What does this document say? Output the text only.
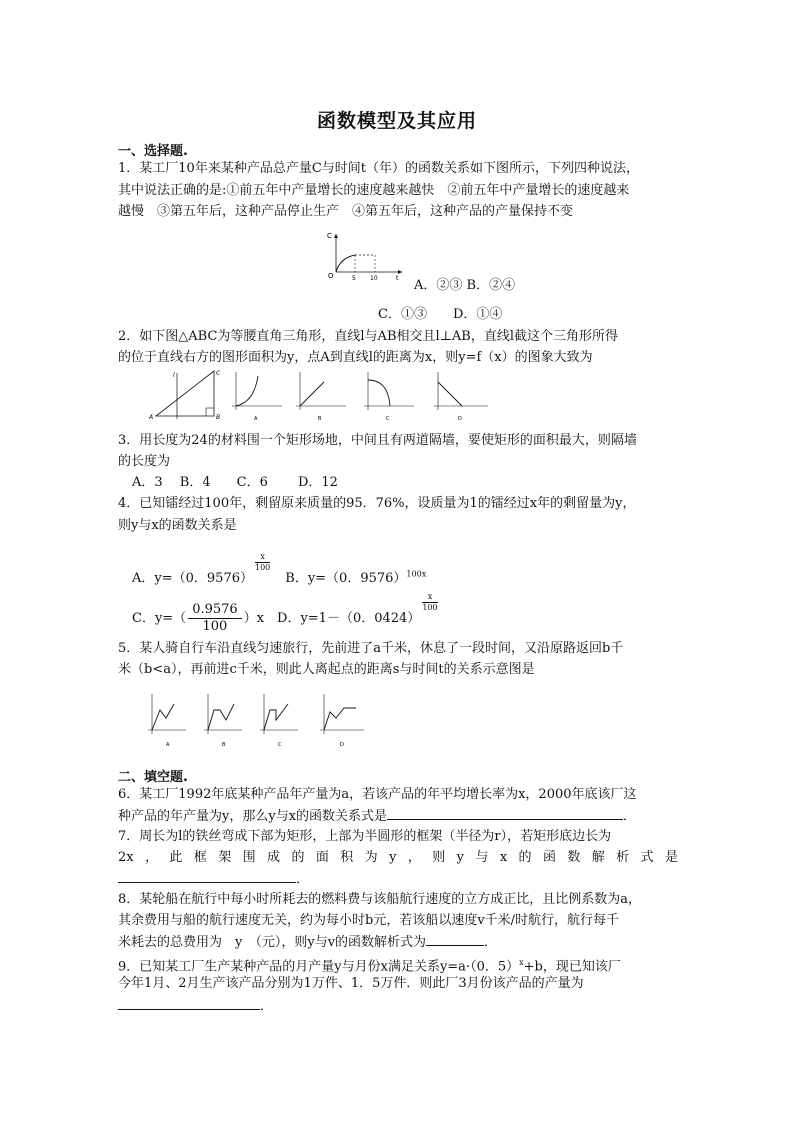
函数模型及其应用
一、选择题.
1．某工厂10年来某种产品总产量C与时间t（年）的函数关系如下图所示，下列四种说法，
其中说法正确的是:①前五年中产量增长的速度越来越快　②前五年中产量增长的速度越来
越慢　③第五年后，这种产品停止生产　④第五年后，这种产品的产量保持不变
C
O	5 10	t A．②③ B．②④
C．①③　　D．①④
2．如下图△ABC为等腰直角三角形，直线l与AB相交且l⊥AB，直线l截这个三角形所得
的位于直线右方的图形面积为y，点A到直线l的距离为x，则y=f（x）的图象大致为
A	B
C
l
A	B	C	D
3．用长度为24的材料围一个矩形场地，中间且有两道隔墙，要使矩形的面积最大，则隔墙
的长度为
A．3　 B．4　　C．6　　 D．12
4．已知镭经过100年，剩留原来质量的95．76%，设质量为1的镭经过x年的剩留量为y，
则y与x的函数关系是
A．y=（0．9576）
$\frac{x}{100}$
　B．y=（0．9576）$^{100x}$
C．$y=( \frac{0.9576}{100} )x$　D．y=1－（0．0424）
$\frac{x}{100}$
5．某人骑自行车沿直线匀速旅行，先前进了a千米，休息了一段时间，又沿原路返回b千
米（b<a），再前进c千米，则此人离起点的距离s与时间t的关系示意图是
A	B	C	D
二、填空题.
6．某工厂1992年底某种产品年产量为a，若该产品的年平均增长率为x，2000年底该厂这
种产品的年产量为y，那么y与x的函数关系式是	．
7．周长为l的铁丝弯成下部为矩形，上部为半圆形的框架（半径为r），若矩形底边长为
2x，此框架围成的面积为y，则y与x的函数解析式是
．
8．某轮船在航行中每小时所耗去的燃料费与该船航行速度的立方成正比，且比例系数为a，
其余费用与船的航行速度无关，约为每小时b元，若该船以速度v千米/时航行，航行每千
米耗去的总费用为　y　（元），则y与v的函数解析式为	．
9．已知某工厂生产某种产品的月产量y与月份x满足关系y=a·（0．5）$^x$+b，现已知该厂
今年1月、2月生产该产品分别为1万件、1．5万件．则此厂3月份该产品的产量为
．
